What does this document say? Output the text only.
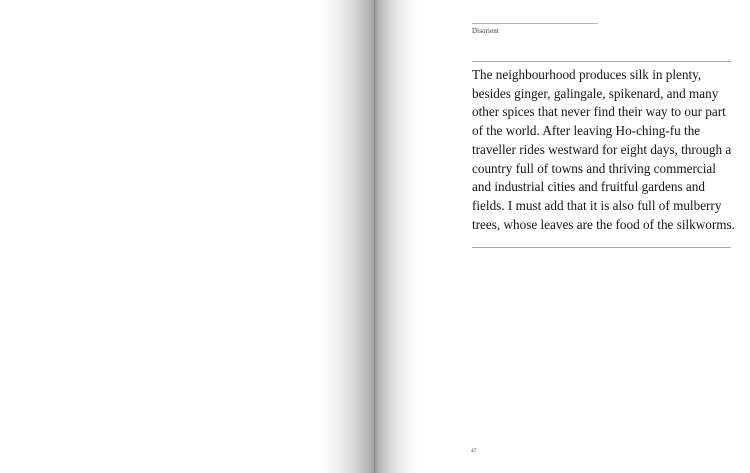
Disorient

The neighbourhood produces silk in plenty,
besides ginger, galingale, spikenard, and many
other spices that never find their way to our part
of the world. After leaving Ho-ching-fu the
traveller rides westward for eight days, through a
country full of towns and thriving commercial
and industrial cities and fruitful gardens and
fields. I must add that it is also full of mulberry
trees, whose leaves are the food of the silkworms.

47
